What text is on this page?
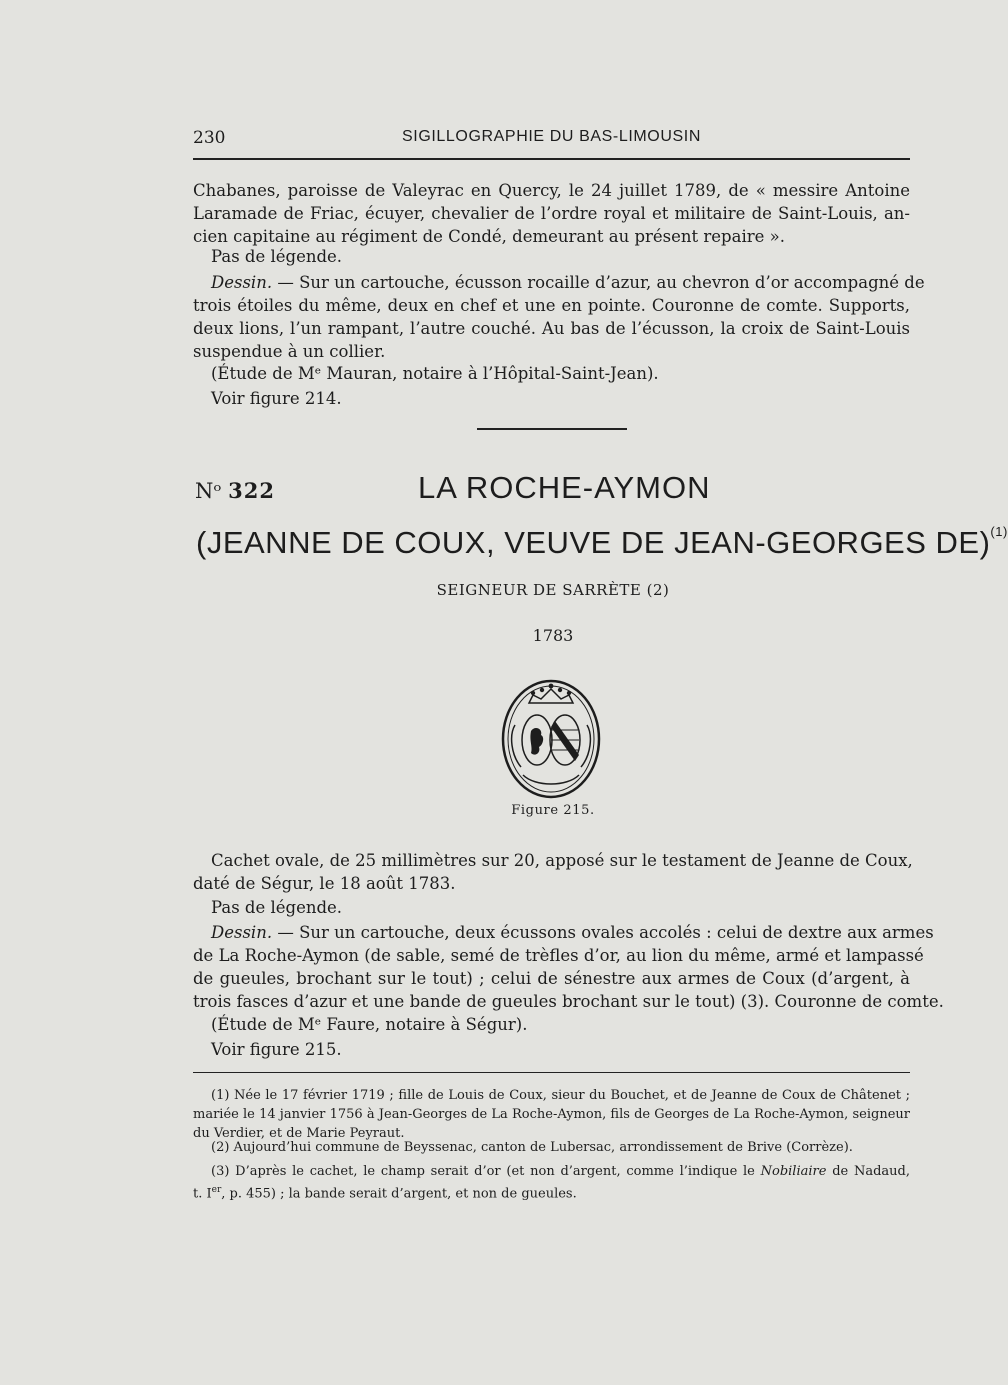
230	SIGILLOGRAPHIE DU BAS-LIMOUSIN
Chabanes, paroisse de Valeyrac en Quercy, le 24 juillet 1789, de « messire Antoine
Laramade de Friac, écuyer, chevalier de l’ordre royal et militaire de Saint-Louis, an-
cien capitaine au régiment de Condé, demeurant au présent repaire ».

Pas de légende.

Dessin. — Sur un cartouche, écusson rocaille d’azur, au chevron d’or accompagné de
trois étoiles du même, deux en chef et une en pointe. Couronne de comte. Supports,
deux lions, l’un rampant, l’autre couché. Au bas de l’écusson, la croix de Saint-Louis
suspendue à un collier.

(Étude de Mᵉ Mauran, notaire à l’Hôpital-Saint-Jean).

Voir figure 214.

Nᵒ 322	LA ROCHE-AYMON
(JEANNE DE COUX, VEUVE DE JEAN-GEORGES DE)$^{(1)}$
SEIGNEUR DE SARRÈTE (2)
1783
Figure 215.
Cachet ovale, de 25 millimètres sur 20, apposé sur le testament de Jeanne de Coux,
daté de Ségur, le 18 août 1783.

Pas de légende.

Dessin. — Sur un cartouche, deux écussons ovales accolés : celui de dextre aux armes
de La Roche-Aymon (de sable, semé de trèfles d’or, au lion du même, armé et lampassé
de gueules, brochant sur le tout) ; celui de sénestre aux armes de Coux (d’argent, à
trois fasces d’azur et une bande de gueules brochant sur le tout) (3). Couronne de comte.

(Étude de Mᵉ Faure, notaire à Ségur).

Voir figure 215.

(1) Née le 17 février 1719 ; fille de Louis de Coux, sieur du Bouchet, et de Jeanne de Coux de Châtenet ;
mariée le 14 janvier 1756 à Jean-Georges de La Roche-Aymon, fils de Georges de La Roche-Aymon, seigneur
du Verdier, et de Marie Peyraut.
(2) Aujourd’hui commune de Beyssenac, canton de Lubersac, arrondissement de Brive (Corrèze).
(3) D’après le cachet, le champ serait d’or (et non d’argent, comme l’indique le Nobiliaire de Nadaud,
t. Ier, p. 455) ; la bande serait d’argent, et non de gueules.
